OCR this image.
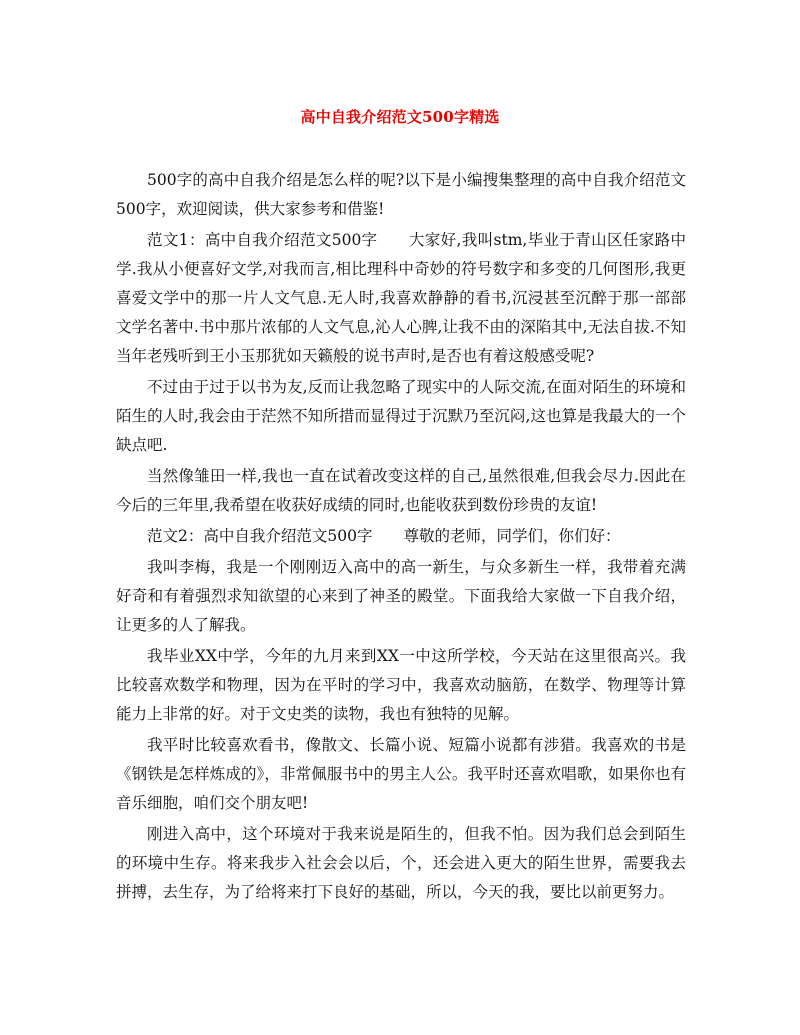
高中自我介绍范文500字精选

500字的高中自我介绍是怎么样的呢?以下是小编搜集整理的高中自我介绍范文500字，欢迎阅读，供大家参考和借鉴!

范文1：高中自我介绍范文500字 大家好,我叫stm,毕业于青山区任家路中学.我从小便喜好文学,对我而言,相比理科中奇妙的符号数字和多变的几何图形,我更喜爱文学中的那一片人文气息.无人时,我喜欢静静的看书,沉浸甚至沉醉于那一部部文学名著中.书中那片浓郁的人文气息,沁人心脾,让我不由的深陷其中,无法自拔.不知当年老残听到王小玉那犹如天籁般的说书声时,是否也有着这般感受呢?

不过由于过于以书为友,反而让我忽略了现实中的人际交流,在面对陌生的环境和陌生的人时,我会由于茫然不知所措而显得过于沉默乃至沉闷,这也算是我最大的一个缺点吧.

当然像雏田一样,我也一直在试着改变这样的自己,虽然很难,但我会尽力.因此在今后的三年里,我希望在收获好成绩的同时,也能收获到数份珍贵的友谊!

范文2：高中自我介绍范文500字 尊敬的老师，同学们，你们好：

我叫李梅，我是一个刚刚迈入高中的高一新生，与众多新生一样，我带着充满好奇和有着强烈求知欲望的心来到了神圣的殿堂。下面我给大家做一下自我介绍，让更多的人了解我。

我毕业XX中学，今年的九月来到XX一中这所学校，今天站在这里很高兴。我比较喜欢数学和物理，因为在平时的学习中，我喜欢动脑筋，在数学、物理等计算能力上非常的好。对于文史类的读物，我也有独特的见解。

我平时比较喜欢看书，像散文、长篇小说、短篇小说都有涉猎。我喜欢的书是《钢铁是怎样炼成的》，非常佩服书中的男主人公。我平时还喜欢唱歌，如果你也有音乐细胞，咱们交个朋友吧!

刚进入高中，这个环境对于我来说是陌生的，但我不怕。因为我们总会到陌生的环境中生存。将来我步入社会会以后，个，还会进入更大的陌生世界，需要我去拼搏，去生存，为了给将来打下良好的基础，所以，今天的我，要比以前更努力。
